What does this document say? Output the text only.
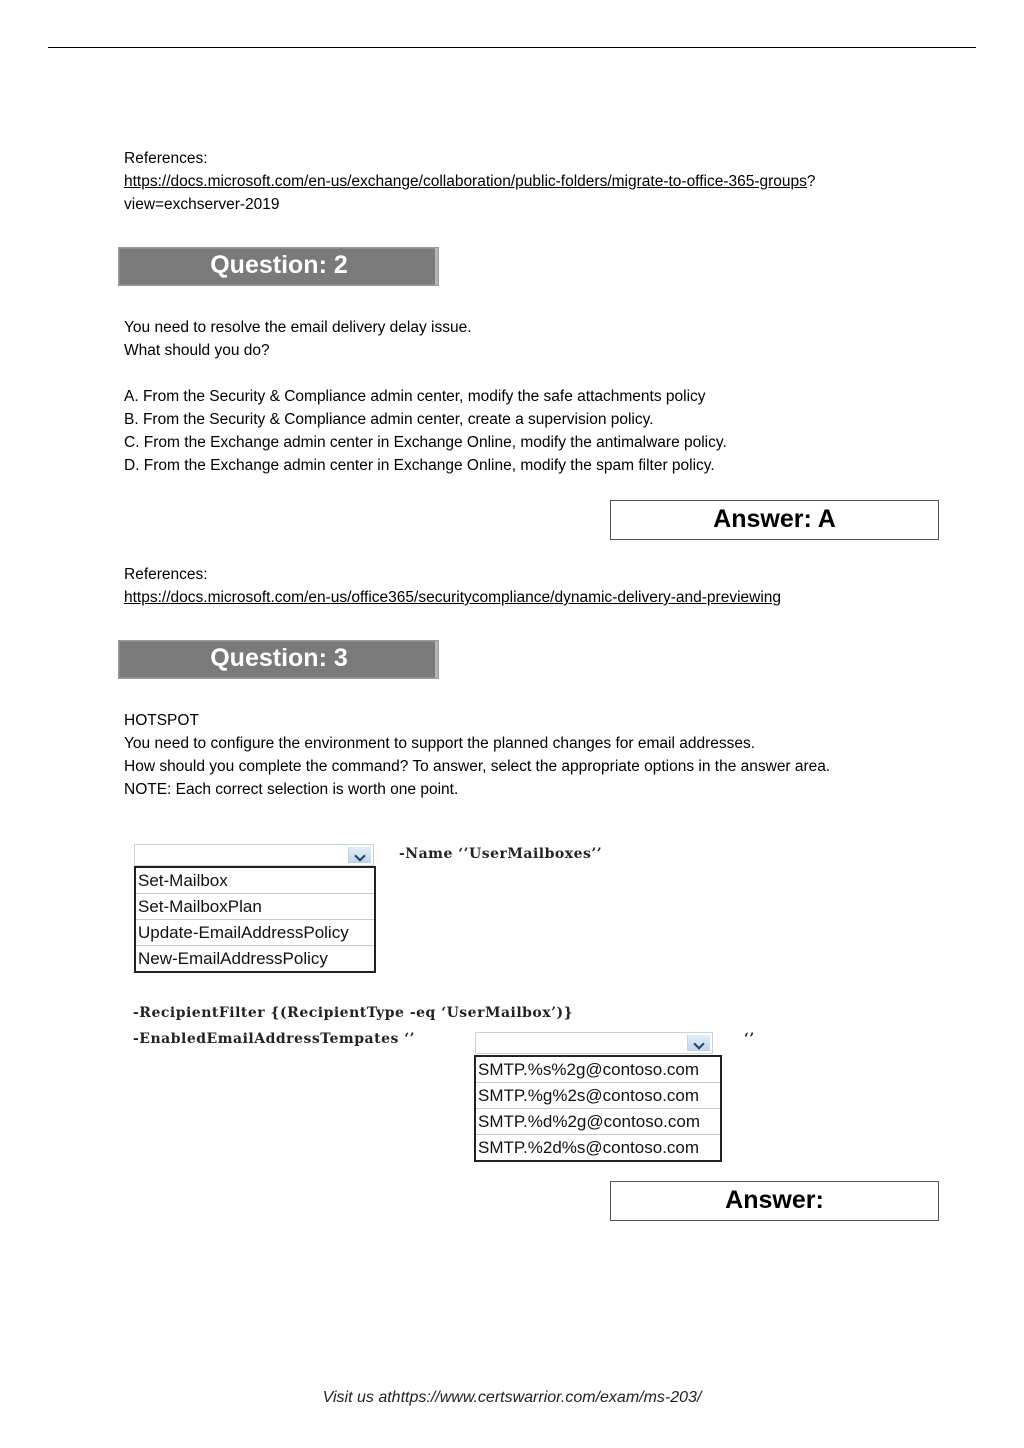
References:
https://docs.microsoft.com/en-us/exchange/collaboration/public-folders/migrate-to-office-365-groups?
view=exchserver-2019
Question: 2
You need to resolve the email delivery delay issue.
What should you do?
A. From the Security & Compliance admin center, modify the safe attachments policy
B. From the Security & Compliance admin center, create a supervision policy.
C. From the Exchange admin center in Exchange Online, modify the antimalware policy.
D. From the Exchange admin center in Exchange Online, modify the spam filter policy.
Answer: A
References:
https://docs.microsoft.com/en-us/office365/securitycompliance/dynamic-delivery-and-previewing
Question: 3
HOTSPOT
You need to configure the environment to support the planned changes for email addresses.
How should you complete the command? To answer, select the appropriate options in the answer area.
NOTE: Each correct selection is worth one point.
-Name ‘’UserMailboxes’’
Set-Mailbox
Set-MailboxPlan
Update-EmailAddressPolicy
New-EmailAddressPolicy
-RecipientFilter {(RecipientType -eq ‘UserMailbox’)}
-EnabledEmailAddressTempates ‘’	‘’
SMTP.%s%2g@contoso.com
SMTP.%g%2s@contoso.com
SMTP.%d%2g@contoso.com
SMTP.%2d%s@contoso.com
Answer:
Visit us athttps://www.certswarrior.com/exam/ms-203/
